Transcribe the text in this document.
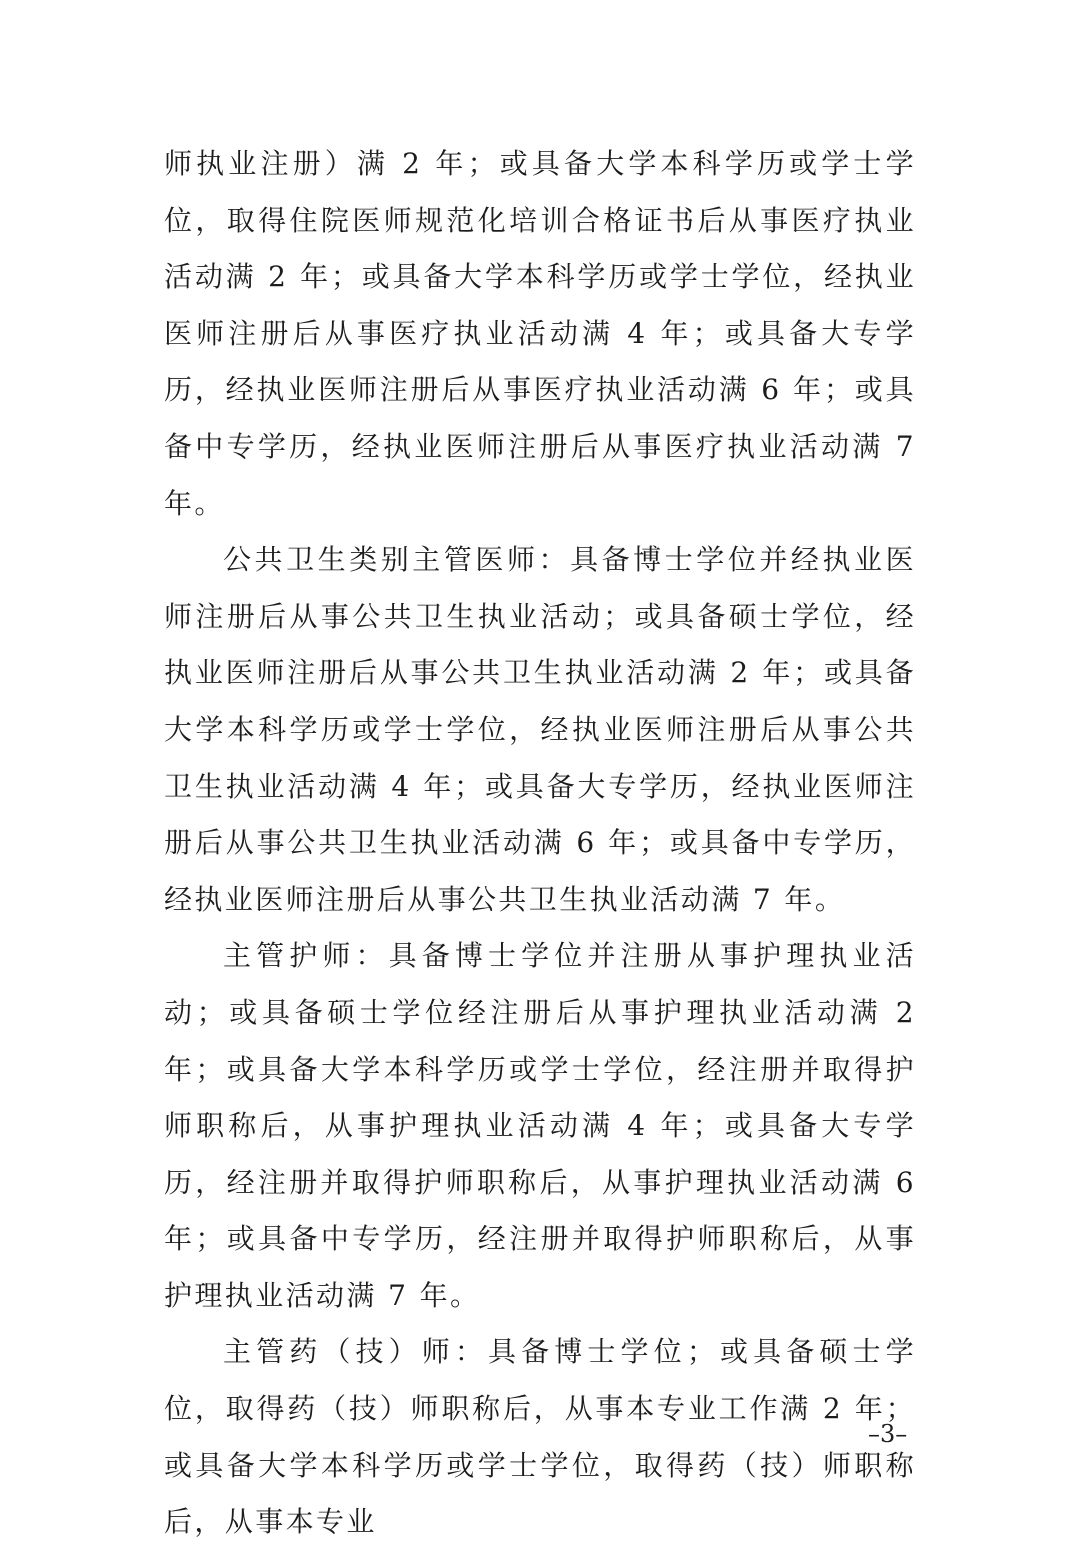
师执业注册）满 2 年；或具备大学本科学历或学士学位，取得住院医师规范化培训合格证书后从事医疗执业活动满 2 年；或具备大学本科学历或学士学位，经执业医师注册后从事医疗执业活动满 4 年；或具备大专学历，经执业医师注册后从事医疗执业活动满 6 年；或具备中专学历，经执业医师注册后从事医疗执业活动满 7 年。

公共卫生类别主管医师：具备博士学位并经执业医师注册后从事公共卫生执业活动；或具备硕士学位，经执业医师注册后从事公共卫生执业活动满 2 年；或具备大学本科学历或学士学位，经执业医师注册后从事公共卫生执业活动满 4 年；或具备大专学历，经执业医师注册后从事公共卫生执业活动满 6 年；或具备中专学历，经执业医师注册后从事公共卫生执业活动满 7 年。

主管护师：具备博士学位并注册从事护理执业活动；或具备硕士学位经注册后从事护理执业活动满 2 年；或具备大学本科学历或学士学位，经注册并取得护师职称后，从事护理执业活动满 4 年；或具备大专学历，经注册并取得护师职称后，从事护理执业活动满 6 年；或具备中专学历，经注册并取得护师职称后，从事护理执业活动满 7 年。

主管药（技）师：具备博士学位；或具备硕士学位，取得药（技）师职称后，从事本专业工作满 2 年；或具备大学本科学历或学士学位，取得药（技）师职称后，从事本专业

–3–
